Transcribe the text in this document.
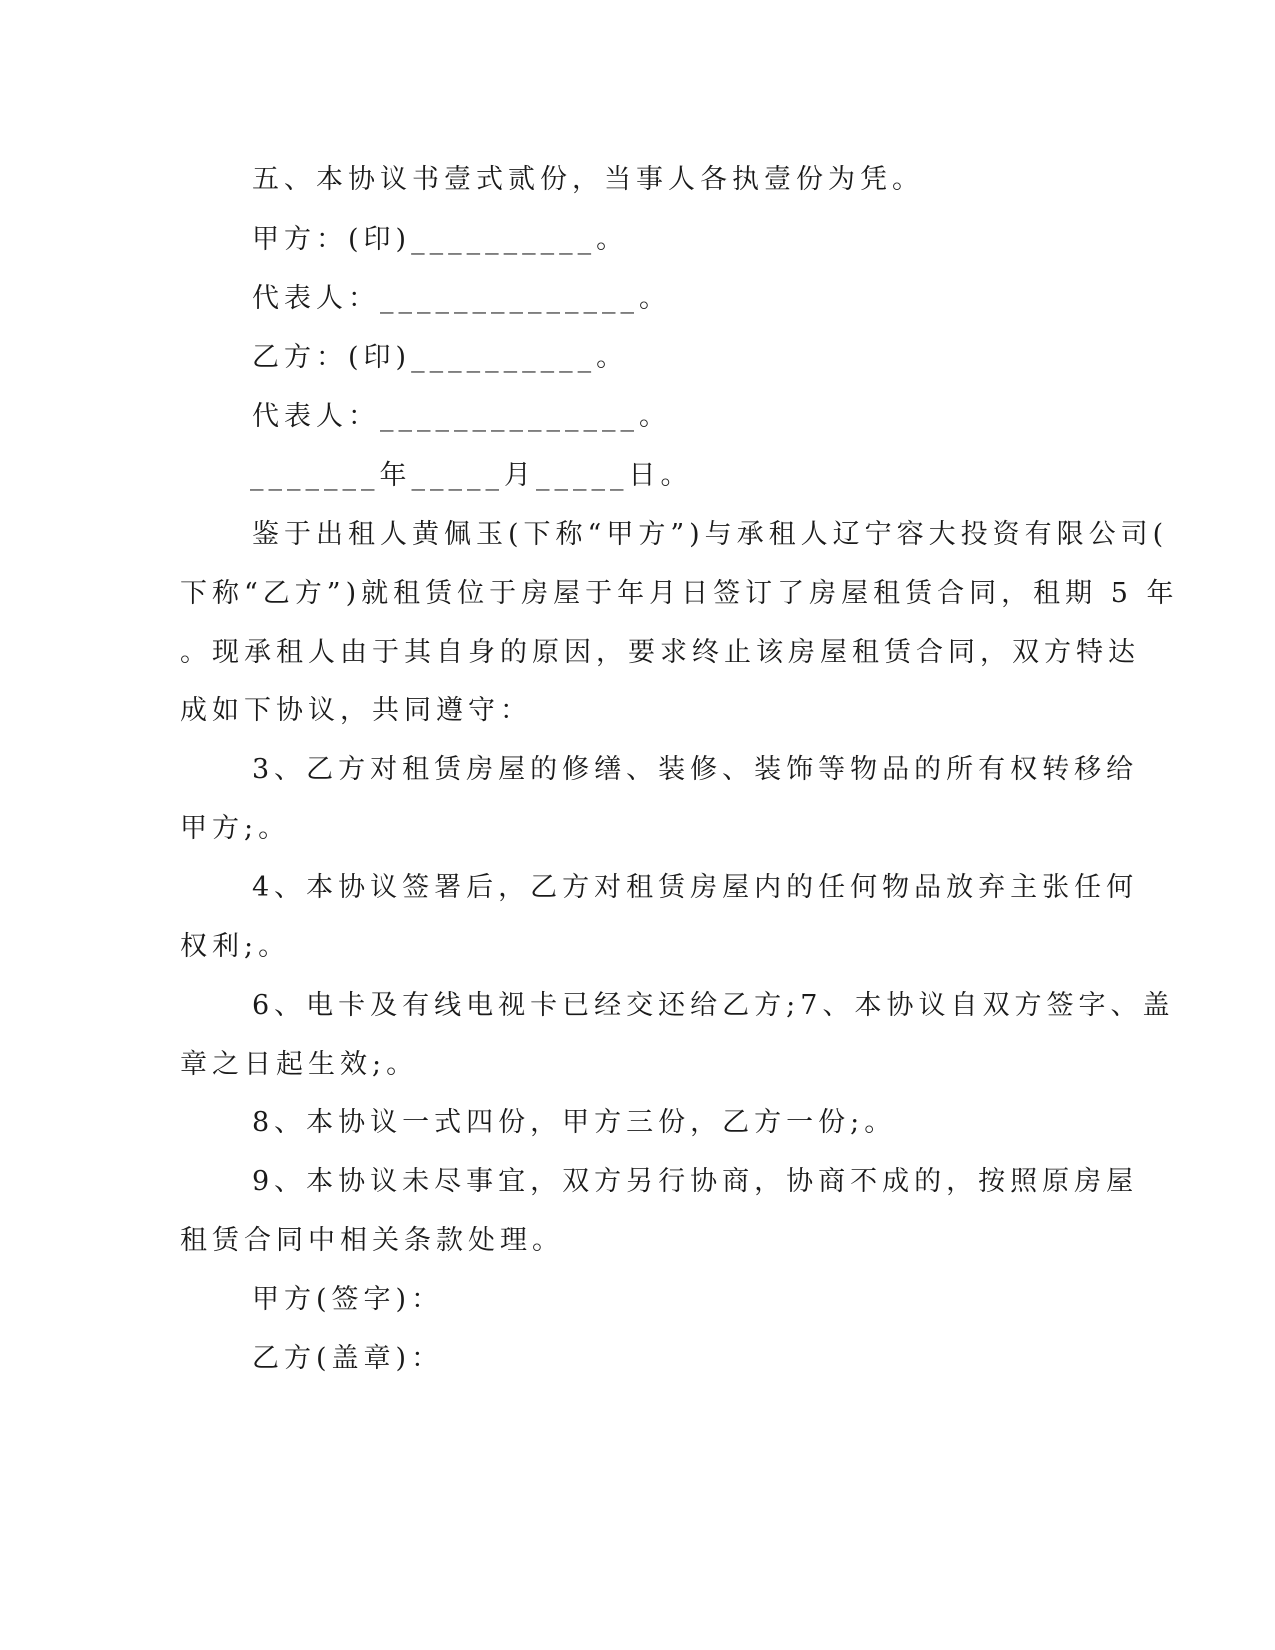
五、本协议书壹式贰份，当事人各执壹份为凭。
甲方：(印)__________。
代表人：______________。
乙方：(印)__________。
代表人：______________。
_______年_____月_____日。
鉴于出租人黄佩玉(下称“甲方”)与承租人辽宁容大投资有限公司(
下称“乙方”)就租赁位于房屋于年月日签订了房屋租赁合同，租期 5 年
。现承租人由于其自身的原因，要求终止该房屋租赁合同，双方特达
成如下协议，共同遵守：
3、乙方对租赁房屋的修缮、装修、装饰等物品的所有权转移给
甲方;。
4、本协议签署后，乙方对租赁房屋内的任何物品放弃主张任何
权利;。
6、电卡及有线电视卡已经交还给乙方;7、本协议自双方签字、盖
章之日起生效;。
8、本协议一式四份，甲方三份，乙方一份;。
9、本协议未尽事宜，双方另行协商，协商不成的，按照原房屋
租赁合同中相关条款处理。
甲方(签字)：
乙方(盖章)：
